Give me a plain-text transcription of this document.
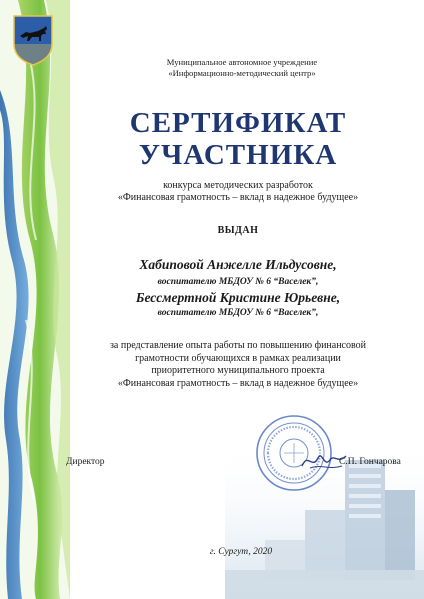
Муниципальное автономное учреждение
«Информационно-методический центр»
СЕРТИФИКАТ
УЧАСТНИКА
конкурса методических разработок
«Финансовая грамотность – вклад в надежное будущее»
ВЫДАН
Хабиповой Анжелле Ильдусовне,
воспитателю МБДОУ № 6 “Васелек”,
Бессмертной Кристине Юрьевне,
воспитателю МБДОУ № 6 “Васелек”,
за представление опыта работы по повышению финансовой
грамотности обучающихся в рамках реализации
приоритетного муниципального проекта
«Финансовая грамотность – вклад в надежное будущее»
Директор	С.П. Гончарова
г. Сургут, 2020
